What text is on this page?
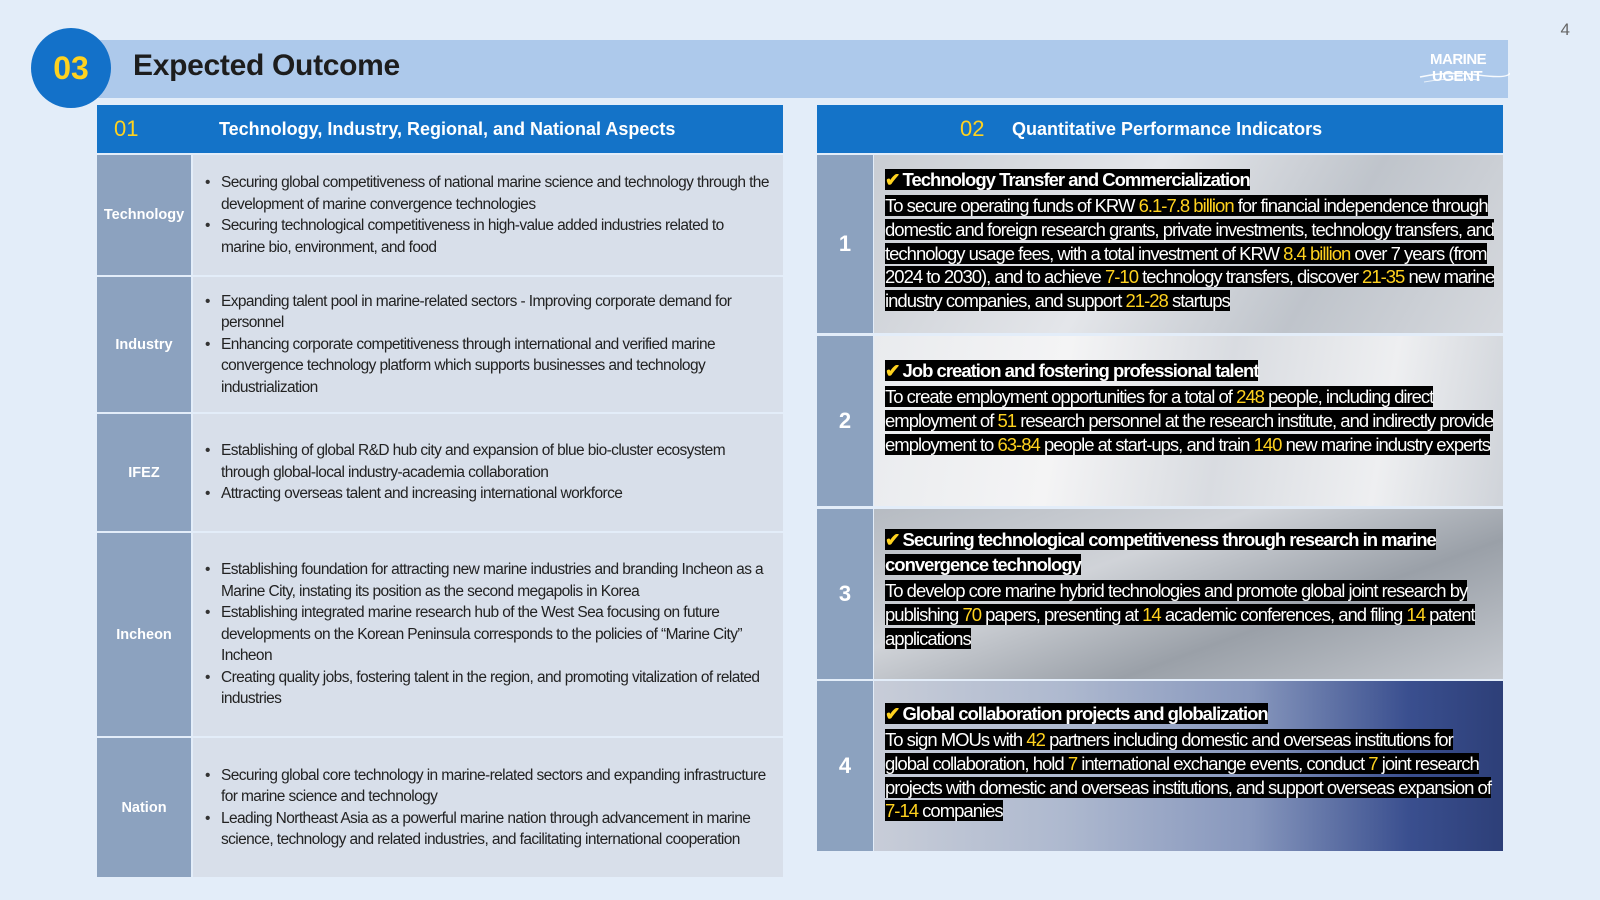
4
03	Expected Outcome	MARINE
UGENT
01	Technology, Industry, Regional, and National Aspects
Technology
• Securing global competitiveness of national marine science and technology through the development of marine convergence technologies
• Securing technological competitiveness in high-value added industries related to marine bio, environment, and food
Industry
• Expanding talent pool in marine-related sectors - Improving corporate demand for personnel
• Enhancing corporate competitiveness through international and verified marine convergence technology platform which supports businesses and technology industrialization
IFEZ
• Establishing of global R&D hub city and expansion of blue bio-cluster ecosystem through global-local industry-academia collaboration
• Attracting overseas talent and increasing international workforce
Incheon
• Establishing foundation for attracting new marine industries and branding Incheon as a Marine City, instating its position as the second megapolis in Korea
• Establishing integrated marine research hub of the West Sea focusing on future developments on the Korean Peninsula corresponds to the policies of “Marine City” Incheon
• Creating quality jobs, fostering talent in the region, and promoting vitalization of related industries
Nation
• Securing global core technology in marine-related sectors and expanding infrastructure for marine science and technology
• Leading Northeast Asia as a powerful marine nation through advancement in marine science, technology and related industries, and facilitating international cooperation
02	Quantitative Performance Indicators
1
✔ Technology Transfer and Commercialization
To secure operating funds of KRW 6.1-7.8 billion for financial independence through domestic and foreign research grants, private investments, technology transfers, and technology usage fees, with a total investment of KRW 8.4 billion over 7 years (from 2024 to 2030), and to achieve 7-10 technology transfers, discover 21-35 new marine industry companies, and support 21-28 startups
2
✔ Job creation and fostering professional talent
To create employment opportunities for a total of 248 people, including direct employment of 51 research personnel at the research institute, and indirectly provide employment to 63-84 people at start-ups, and train 140 new marine industry experts
3
✔ Securing technological competitiveness through research in marine convergence technology
To develop core marine hybrid technologies and promote global joint research by publishing 70 papers, presenting at 14 academic conferences, and filing 14 patent applications
4
✔ Global collaboration projects and globalization
To sign MOUs with 42 partners including domestic and overseas institutions for global collaboration, hold 7 international exchange events, conduct 7 joint research projects with domestic and overseas institutions, and support overseas expansion of 7-14 companies
